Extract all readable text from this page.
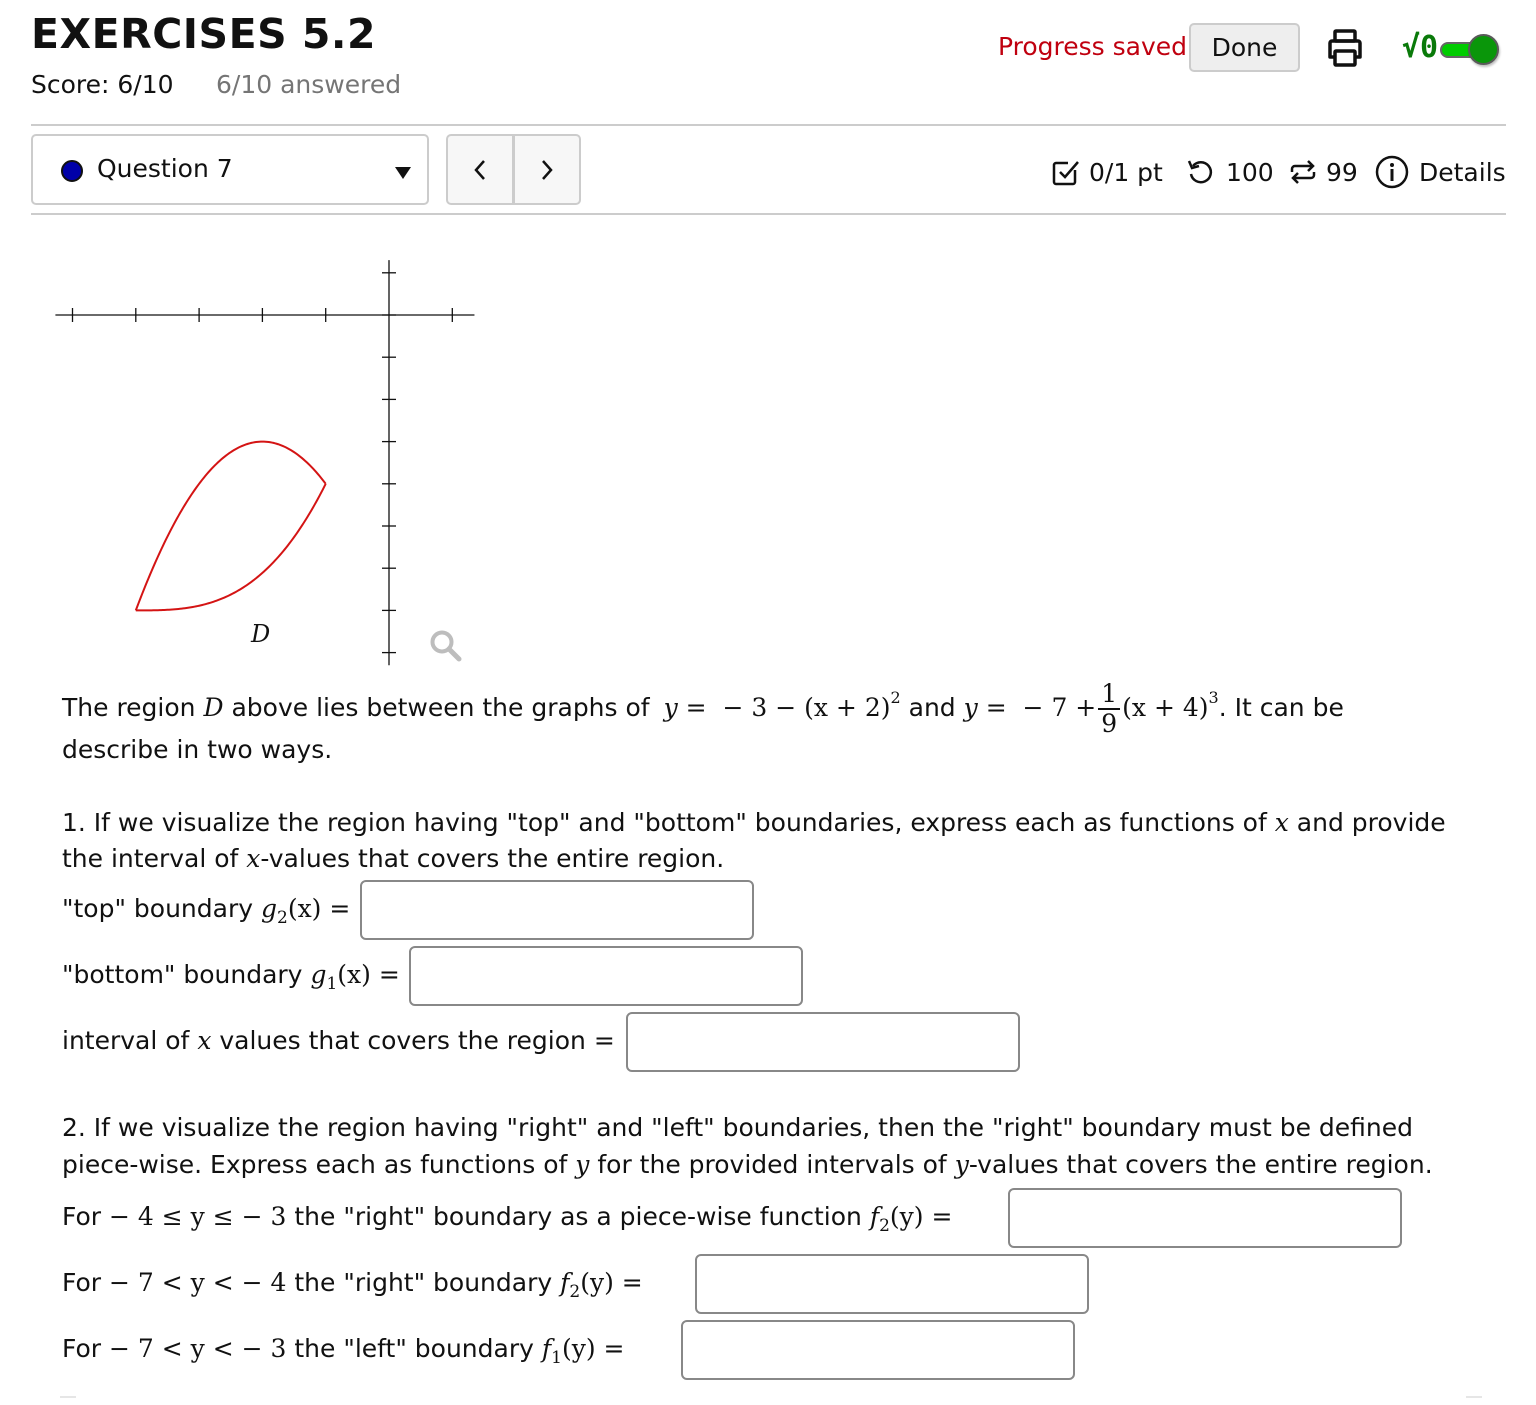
EXERCISES 5.2
Score: 6/10 6/10 answered
Progress saved Done	√0
Question 7	0/1 pt	100 99 Details
D
The region D above lies between the graphs of y =  − $3 - (x + 2)^2$ and y =  − $7 + \frac{1}{9} (x + 4)^3$. It can be
describe in two ways.
1. If we visualize the region having "top" and "bottom" boundaries, express each as functions of x and provide
the interval of x-values that covers the entire region.
"top" boundary $g_2(x)$ =
"bottom" boundary $g_1(x)$ =
interval of x values that covers the region =
2. If we visualize the region having "right" and "left" boundaries, then the "right" boundary must be defined
piece-wise. Express each as functions of y for the provided intervals of y-values that covers the entire region.
For − 4 ≤ y ≤ − 3 the "right" boundary as a piece-wise function $f_2(y)$ =
For − 7 < y < − 4 the "right" boundary $f_2(y)$ =
For − 7 < y < − 3 the "left" boundary $f_1(y)$ =
